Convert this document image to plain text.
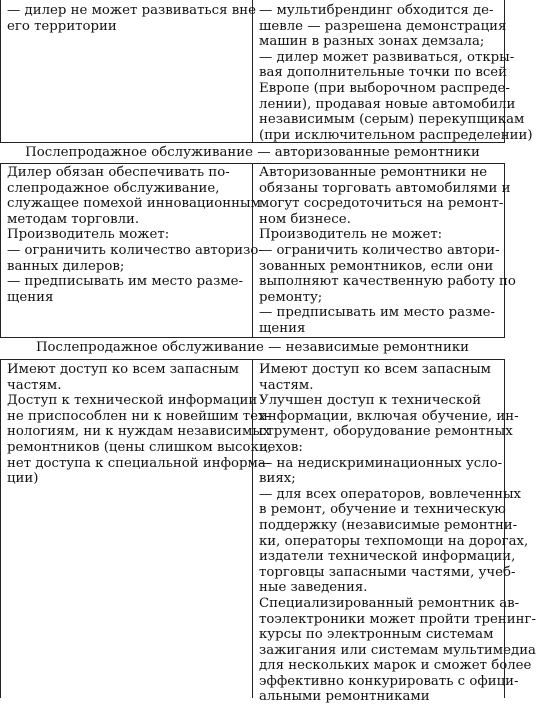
— дилер не может развиваться вне
его территории
— мультибрендинг обходится де-
шевле — разрешена демонстрация
машин в разных зонах демзала;
— дилер может развиваться, откры-
вая дополнительные точки по всей
Европе (при выборочном распреде-
лении), продавая новые автомобили
независимым (серым) перекупщикам
(при исключительном распределении)
Послепродажное обслуживание — авторизованные ремонтники
Дилер обязан обеспечивать по-
слепродажное обслуживание,
служащее помехой инновационным
методам торговли.
Производитель может:
— ограничить количество авторизо-
ванных дилеров;
— предписывать им место разме-
щения
Авторизованные ремонтники не
обязаны торговать автомобилями и
могут сосредоточиться на ремонт-
ном бизнесе.
Производитель не может:
— ограничить количество автори-
зованных ремонтников, если они
выполняют качественную работу по
ремонту;
— предписывать им место разме-
щения
Послепродажное обслуживание — независимые ремонтники
Имеют доступ ко всем запасным
частям.
Доступ к технической информации
не приспособлен ни к новейшим тех-
нологиям, ни к нуждам независимых
ремонтников (цены слишком высоки,
нет доступа к специальной информа-
ции)
Имеют доступ ко всем запасным
частям.
Улучшен доступ к технической
информации, включая обучение, ин-
струмент, оборудование ремонтных
цехов:
— на недискриминационных усло-
виях;
— для всех операторов, вовлеченных
в ремонт, обучение и техническую
поддержку (независимые ремонтни-
ки, операторы техпомощи на дорогах,
издатели технической информации,
торговцы запасными частями, учеб-
ные заведения.
Специализированный ремонтник ав-
тоэлектроники может пройти тренинг-
курсы по электронным системам
зажигания или системам мультимедиа
для нескольких марок и сможет более
эффективно конкурировать с офици-
альными ремонтниками
